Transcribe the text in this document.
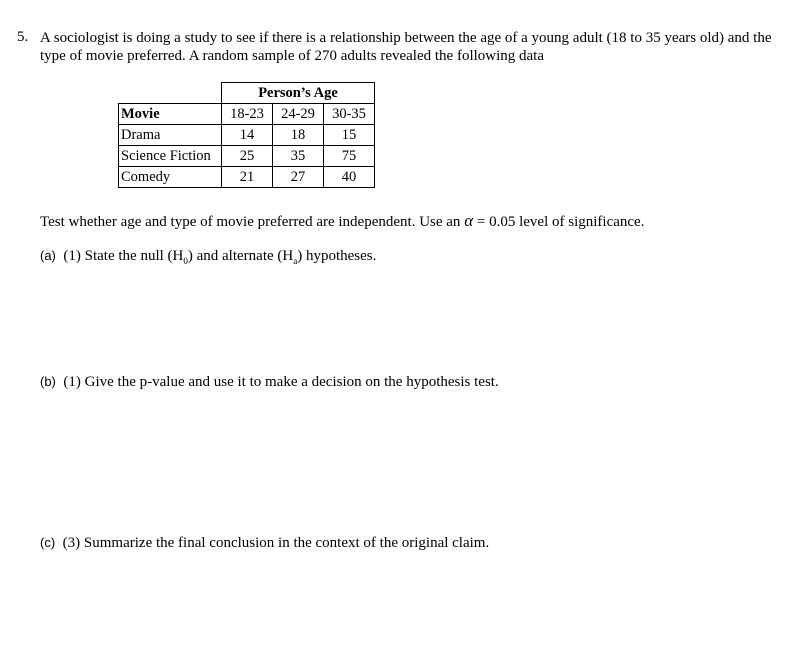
5. A sociologist is doing a study to see if there is a relationship between the age of a young adult (18 to 35 years old) and the type of movie preferred. A random sample of 270 adults revealed the following data
	Person’s Age		
Movie	18-23	24-29	30-35
Drama	14	18	15
Science Fiction	25	35	75
Comedy	21	27	40
Test whether age and type of movie preferred are independent. Use an α = 0.05 level of significance.
(a) (1) State the null $(H_0)$ and alternate $(H_a)$ hypotheses.
(b) (1) Give the p-value and use it to make a decision on the hypothesis test.
(c) (3) Summarize the final conclusion in the context of the original claim.
